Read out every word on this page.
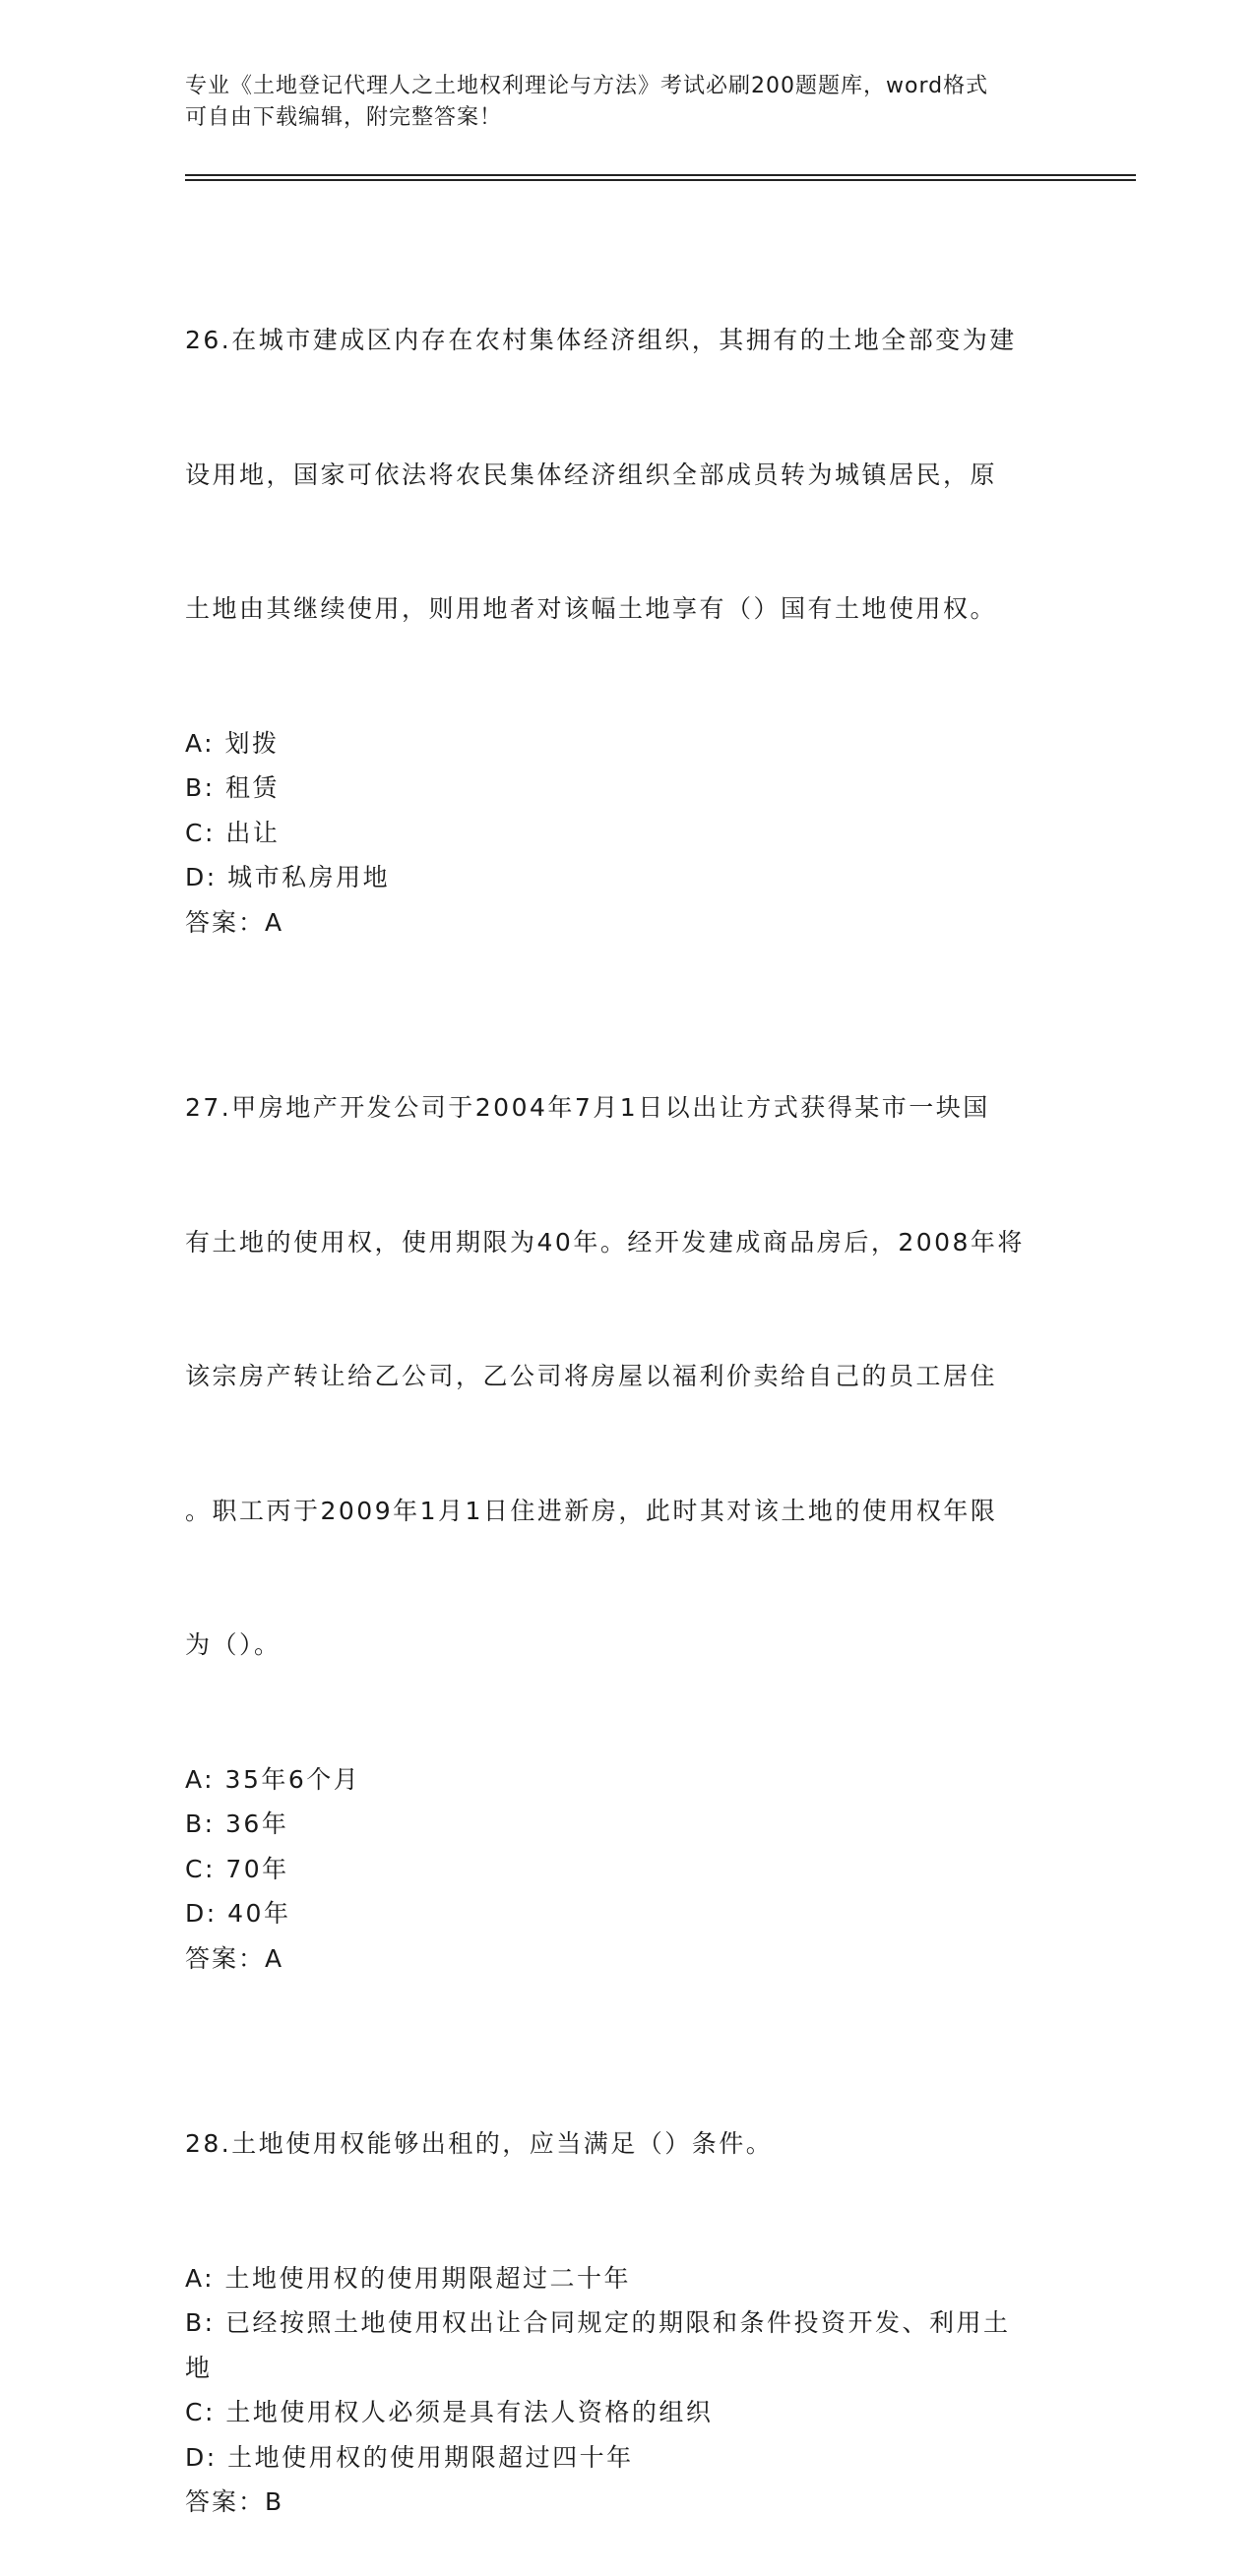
专业《土地登记代理人之土地权利理论与方法》考试必刷200题题库，word格式
可自由下载编辑，附完整答案！

26.在城市建成区内存在农村集体经济组织，其拥有的土地全部变为建

设用地，国家可依法将农民集体经济组织全部成员转为城镇居民，原

土地由其继续使用，则用地者对该幅土地享有（）国有土地使用权。

A: 划拨
B: 租赁
C: 出让
D: 城市私房用地
答案：A

27.甲房地产开发公司于2004年7月1日以出让方式获得某市一块国

有土地的使用权，使用期限为40年。经开发建成商品房后，2008年将

该宗房产转让给乙公司，乙公司将房屋以福利价卖给自己的员工居住

。职工丙于2009年1月1日住进新房，此时其对该土地的使用权年限

为（）。

A: 35年6个月
B: 36年
C: 70年
D: 40年
答案：A

28.土地使用权能够出租的，应当满足（）条件。

A: 土地使用权的使用期限超过二十年
B: 已经按照土地使用权出让合同规定的期限和条件投资开发、利用土
地
C: 土地使用权人必须是具有法人资格的组织
D: 土地使用权的使用期限超过四十年
答案：B
